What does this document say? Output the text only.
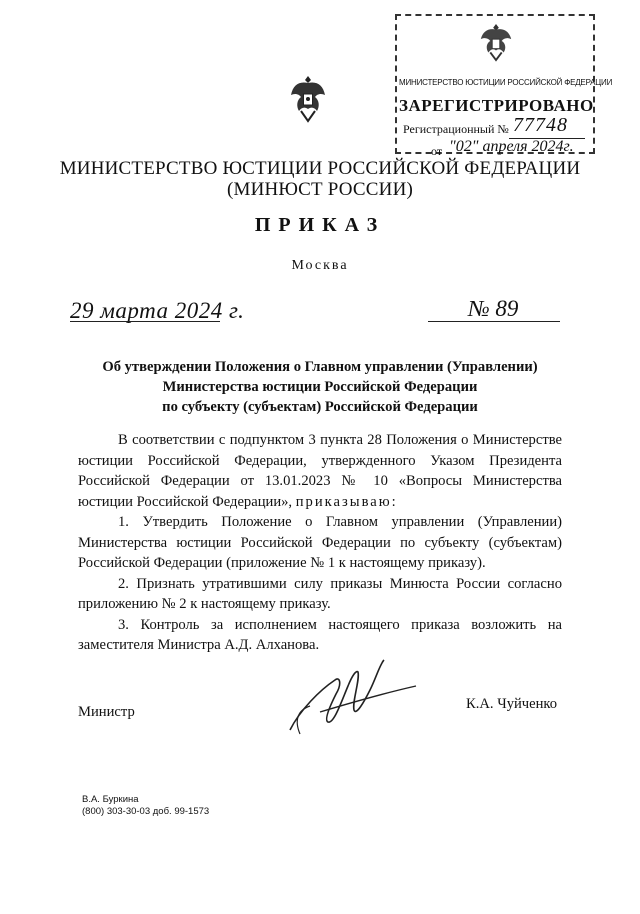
МИНИСТЕРСТВО ЮСТИЦИИ РОССИЙСКОЙ ФЕДЕРАЦИИ
ЗАРЕГИСТРИРОВАНО
Регистрационный № 77748
от "02" апреля 2024г.
МИНИСТЕРСТВО ЮСТИЦИИ РОССИЙСКОЙ ФЕДЕРАЦИИ
(МИНЮСТ РОССИИ)
ПРИКАЗ
Москва
29 марта 2024 г.	№ 89
Об утверждении Положения о Главном управлении (Управлении)
Министерства юстиции Российской Федерации
по субъекту (субъектам) Российской Федерации

В соответствии с подпунктом 3 пункта 28 Положения о Министерстве юстиции Российской Федерации, утвержденного Указом Президента Российской Федерации от 13.01.2023 № 10 «Вопросы Министерства юстиции Российской Федерации», приказываю:

1. Утвердить Положение о Главном управлении (Управлении) Министерства юстиции Российской Федерации по субъекту (субъектам) Российской Федерации (приложение № 1 к настоящему приказу).

2. Признать утратившими силу приказы Минюста России согласно приложению № 2 к настоящему приказу.

3. Контроль за исполнением настоящего приказа возложить на заместителя Министра А.Д. Алханова.

Министр	К.А. Чуйченко
В.А. Буркина
(800) 303-30-03 доб. 99-1573
